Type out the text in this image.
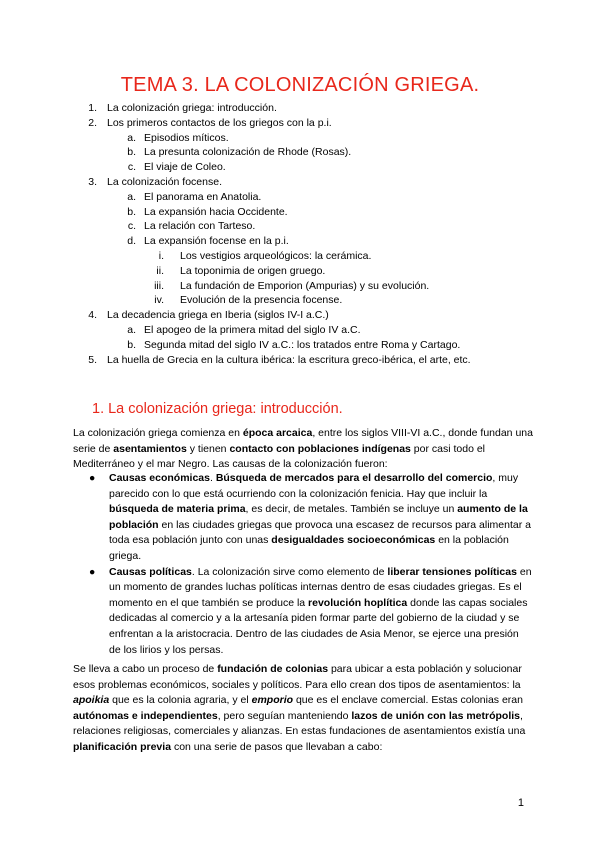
TEMA 3. LA COLONIZACIÓN GRIEGA.
1. La colonización griega: introducción.
2. Los primeros contactos de los griegos con la p.i.
a. Episodios míticos.
b. La presunta colonización de Rhode (Rosas).
c. El viaje de Coleo.
3. La colonización focense.
a. El panorama en Anatolia.
b. La expansión hacia Occidente.
c. La relación con Tarteso.
d. La expansión focense en la p.i.
i. Los vestigios arqueológicos: la cerámica.
ii. La toponimia de origen gruego.
iii. La fundación de Emporion (Ampurias) y su evolución.
iv. Evolución de la presencia focense.
4. La decadencia griega en Iberia (siglos IV-I a.C.)
a. El apogeo de la primera mitad del siglo IV a.C.
b. Segunda mitad del siglo IV a.C.: los tratados entre Roma y Cartago.
5. La huella de Grecia en la cultura ibérica: la escritura greco-ibérica, el arte, etc.
1. La colonización griega: introducción.
La colonización griega comienza en época arcaica, entre los siglos VIII-VI a.C., donde fundan una serie de asentamientos y tienen contacto con poblaciones indígenas por casi todo el Mediterráneo y el mar Negro. Las causas de la colonización fueron:
● Causas económicas. Búsqueda de mercados para el desarrollo del comercio, muy parecido con lo que está ocurriendo con la colonización fenicia. Hay que incluir la búsqueda de materia prima, es decir, de metales. También se incluye un aumento de la población en las ciudades griegas que provoca una escasez de recursos para alimentar a toda esa población junto con unas desigualdades socioeconómicas en la población griega.
● Causas políticas. La colonización sirve como elemento de liberar tensiones políticas en un momento de grandes luchas políticas internas dentro de esas ciudades griegas. Es el momento en el que también se produce la revolución hoplítica donde las capas sociales dedicadas al comercio y a la artesanía piden formar parte del gobierno de la ciudad y se enfrentan a la aristocracia. Dentro de las ciudades de Asia Menor, se ejerce una presión de los lirios y los persas.
Se lleva a cabo un proceso de fundación de colonias para ubicar a esta población y solucionar esos problemas económicos, sociales y políticos. Para ello crean dos tipos de asentamientos: la apoikia que es la colonia agraria, y el emporio que es el enclave comercial. Estas colonias eran autónomas e independientes, pero seguían manteniendo lazos de unión con las metrópolis, relaciones religiosas, comerciales y alianzas. En estas fundaciones de asentamientos existía una planificación previa con una serie de pasos que llevaban a cabo:
1
